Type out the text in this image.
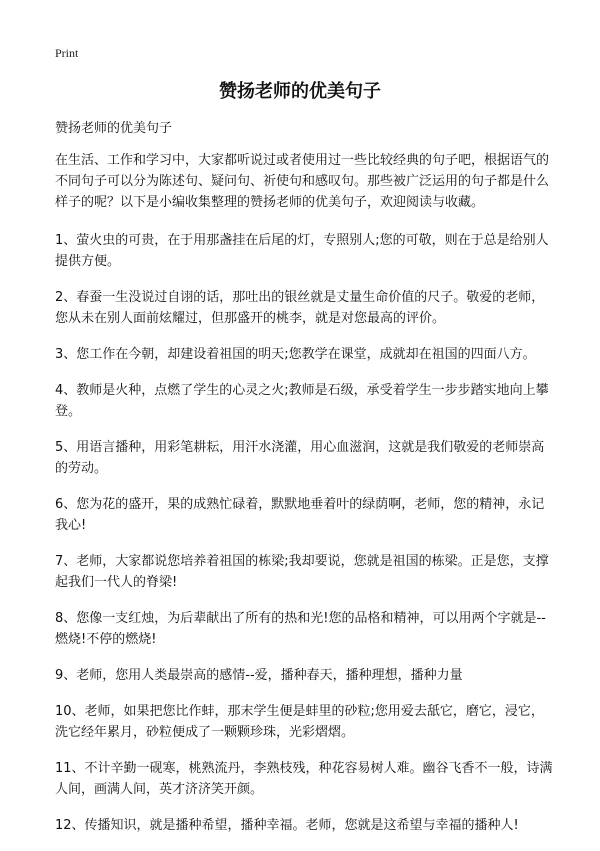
Print
赞扬老师的优美句子
赞扬老师的优美句子

在生活、工作和学习中，大家都听说过或者使用过一些比较经典的句子吧，根据语气的不同句子可以分为陈述句、疑问句、祈使句和感叹句。那些被广泛运用的句子都是什么样子的呢？以下是小编收集整理的赞扬老师的优美句子，欢迎阅读与收藏。

1、萤火虫的可贵，在于用那盏挂在后尾的灯，专照别人;您的可敬，则在于总是给别人提供方便。

2、春蚕一生没说过自诩的话，那吐出的银丝就是丈量生命价值的尺子。敬爱的老师，您从未在别人面前炫耀过，但那盛开的桃李，就是对您最高的评价。

3、您工作在今朝，却建设着祖国的明天;您教学在课堂，成就却在祖国的四面八方。

4、教师是火种，点燃了学生的心灵之火;教师是石级，承受着学生一步步踏实地向上攀登。

5、用语言播种，用彩笔耕耘，用汗水浇灌，用心血滋润，这就是我们敬爱的老师崇高的劳动。

6、您为花的盛开，果的成熟忙碌着，默默地垂着叶的绿荫啊，老师，您的精神，永记我心!

7、老师，大家都说您培养着祖国的栋梁;我却要说，您就是祖国的栋梁。正是您，支撑起我们一代人的脊梁!

8、您像一支红烛，为后辈献出了所有的热和光!您的品格和精神，可以用两个字就是--燃烧!不停的燃烧!

9、老师，您用人类最崇高的感情--爱，播种春天，播种理想，播种力量

10、老师，如果把您比作蚌，那末学生便是蚌里的砂粒;您用爱去舐它，磨它，浸它，洗它经年累月，砂粒便成了一颗颗珍珠，光彩熠熠。

11、不计辛勤一砚寒，桃熟流丹，李熟枝残，种花容易树人难。幽谷飞香不一般，诗满人间，画满人间，英才济济笑开颜。

12、传播知识，就是播种希望，播种幸福。老师，您就是这希望与幸福的播种人!
